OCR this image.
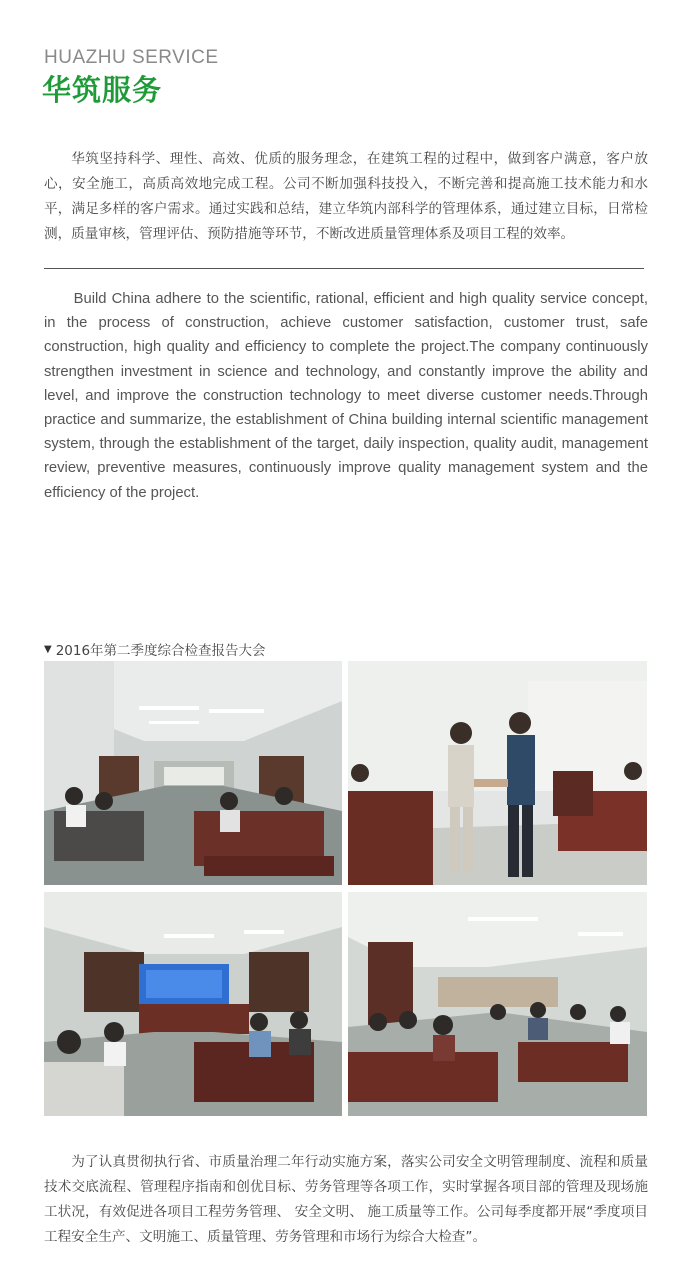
HUAZHU SERVICE
华筑服务

华筑坚持科学、理性、高效、优质的服务理念，在建筑工程的过程中，做到客户满意，客户放心，安全施工，高质高效地完成工程。公司不断加强科技投入，不断完善和提高施工技术能力和水平，满足多样的客户需求。通过实践和总结，建立华筑内部科学的管理体系，通过建立目标，日常检测，质量审核，管理评估、预防措施等环节，不断改进质量管理体系及项目工程的效率。

Build China adhere to the scientific, rational, efficient and high quality service concept, in the process of construction, achieve customer satisfaction, customer trust, safe construction, high quality and efficiency to complete the project.The company continuously strengthen investment in science and technology, and constantly improve the ability and level, and improve the construction technology to meet diverse customer needs.Through practice and summarize, the establishment of China building internal scientific management system, through the establishment of the target, daily inspection, quality audit, management review, preventive measures, continuously improve quality management system and the efficiency of the project.

▼ 2016年第二季度综合检查报告大会

为了认真贯彻执行省、市质量治理二年行动实施方案，落实公司安全文明管理制度、流程和质量技术交底流程、管理程序指南和创优目标、劳务管理等各项工作，实时掌握各项目部的管理及现场施工状况，有效促进各项目工程劳务管理、 安全文明、 施工质量等工作。公司每季度都开展“季度项目工程安全生产、文明施工、质量管理、劳务管理和市场行为综合大检查”。
